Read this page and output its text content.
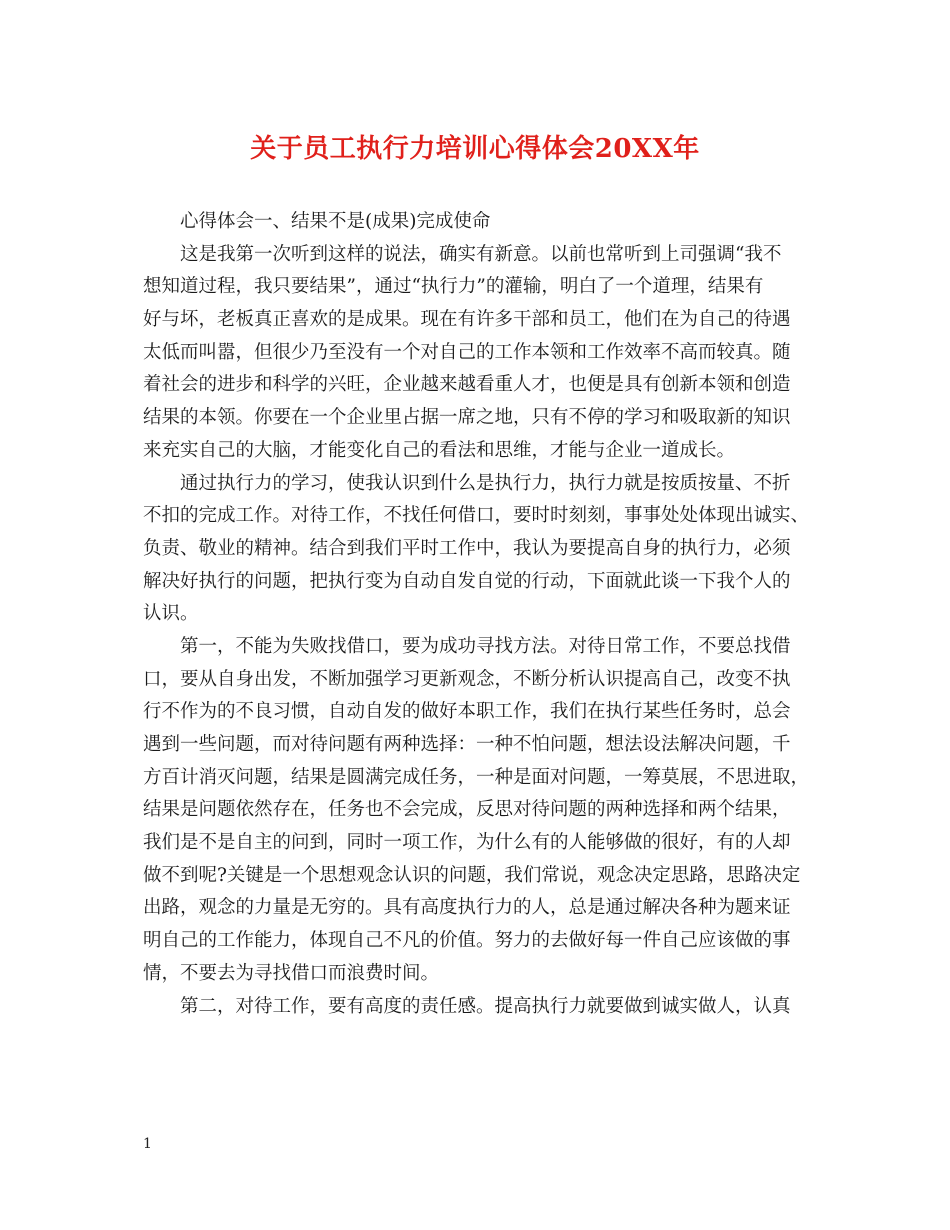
关于员工执行力培训心得体会20XX年
心得体会一、结果不是(成果)完成使命
这是我第一次听到这样的说法，确实有新意。以前也常听到上司强调“我不
想知道过程，我只要结果”，通过“执行力”的灌输，明白了一个道理，结果有
好与坏，老板真正喜欢的是成果。现在有许多干部和员工，他们在为自己的待遇
太低而叫嚣，但很少乃至没有一个对自己的工作本领和工作效率不高而较真。随
着社会的进步和科学的兴旺，企业越来越看重人才，也便是具有创新本领和创造
结果的本领。你要在一个企业里占据一席之地，只有不停的学习和吸取新的知识
来充实自己的大脑，才能变化自己的看法和思维，才能与企业一道成长。
通过执行力的学习，使我认识到什么是执行力，执行力就是按质按量、不折
不扣的完成工作。对待工作，不找任何借口，要时时刻刻，事事处处体现出诚实、
负责、敬业的精神。结合到我们平时工作中，我认为要提高自身的执行力，必须
解决好执行的问题，把执行变为自动自发自觉的行动，下面就此谈一下我个人的
认识。
第一，不能为失败找借口，要为成功寻找方法。对待日常工作，不要总找借
口，要从自身出发，不断加强学习更新观念，不断分析认识提高自己，改变不执
行不作为的不良习惯，自动自发的做好本职工作，我们在执行某些任务时，总会
遇到一些问题，而对待问题有两种选择：一种不怕问题，想法设法解决问题，千
方百计消灭问题，结果是圆满完成任务，一种是面对问题，一筹莫展，不思进取，
结果是问题依然存在，任务也不会完成，反思对待问题的两种选择和两个结果，
我们是不是自主的问到，同时一项工作，为什么有的人能够做的很好，有的人却
做不到呢?关键是一个思想观念认识的问题，我们常说，观念决定思路，思路决定
出路，观念的力量是无穷的。具有高度执行力的人，总是通过解决各种为题来证
明自己的工作能力，体现自己不凡的价值。努力的去做好每一件自己应该做的事
情，不要去为寻找借口而浪费时间。
第二，对待工作，要有高度的责任感。提高执行力就要做到诚实做人，认真
1
